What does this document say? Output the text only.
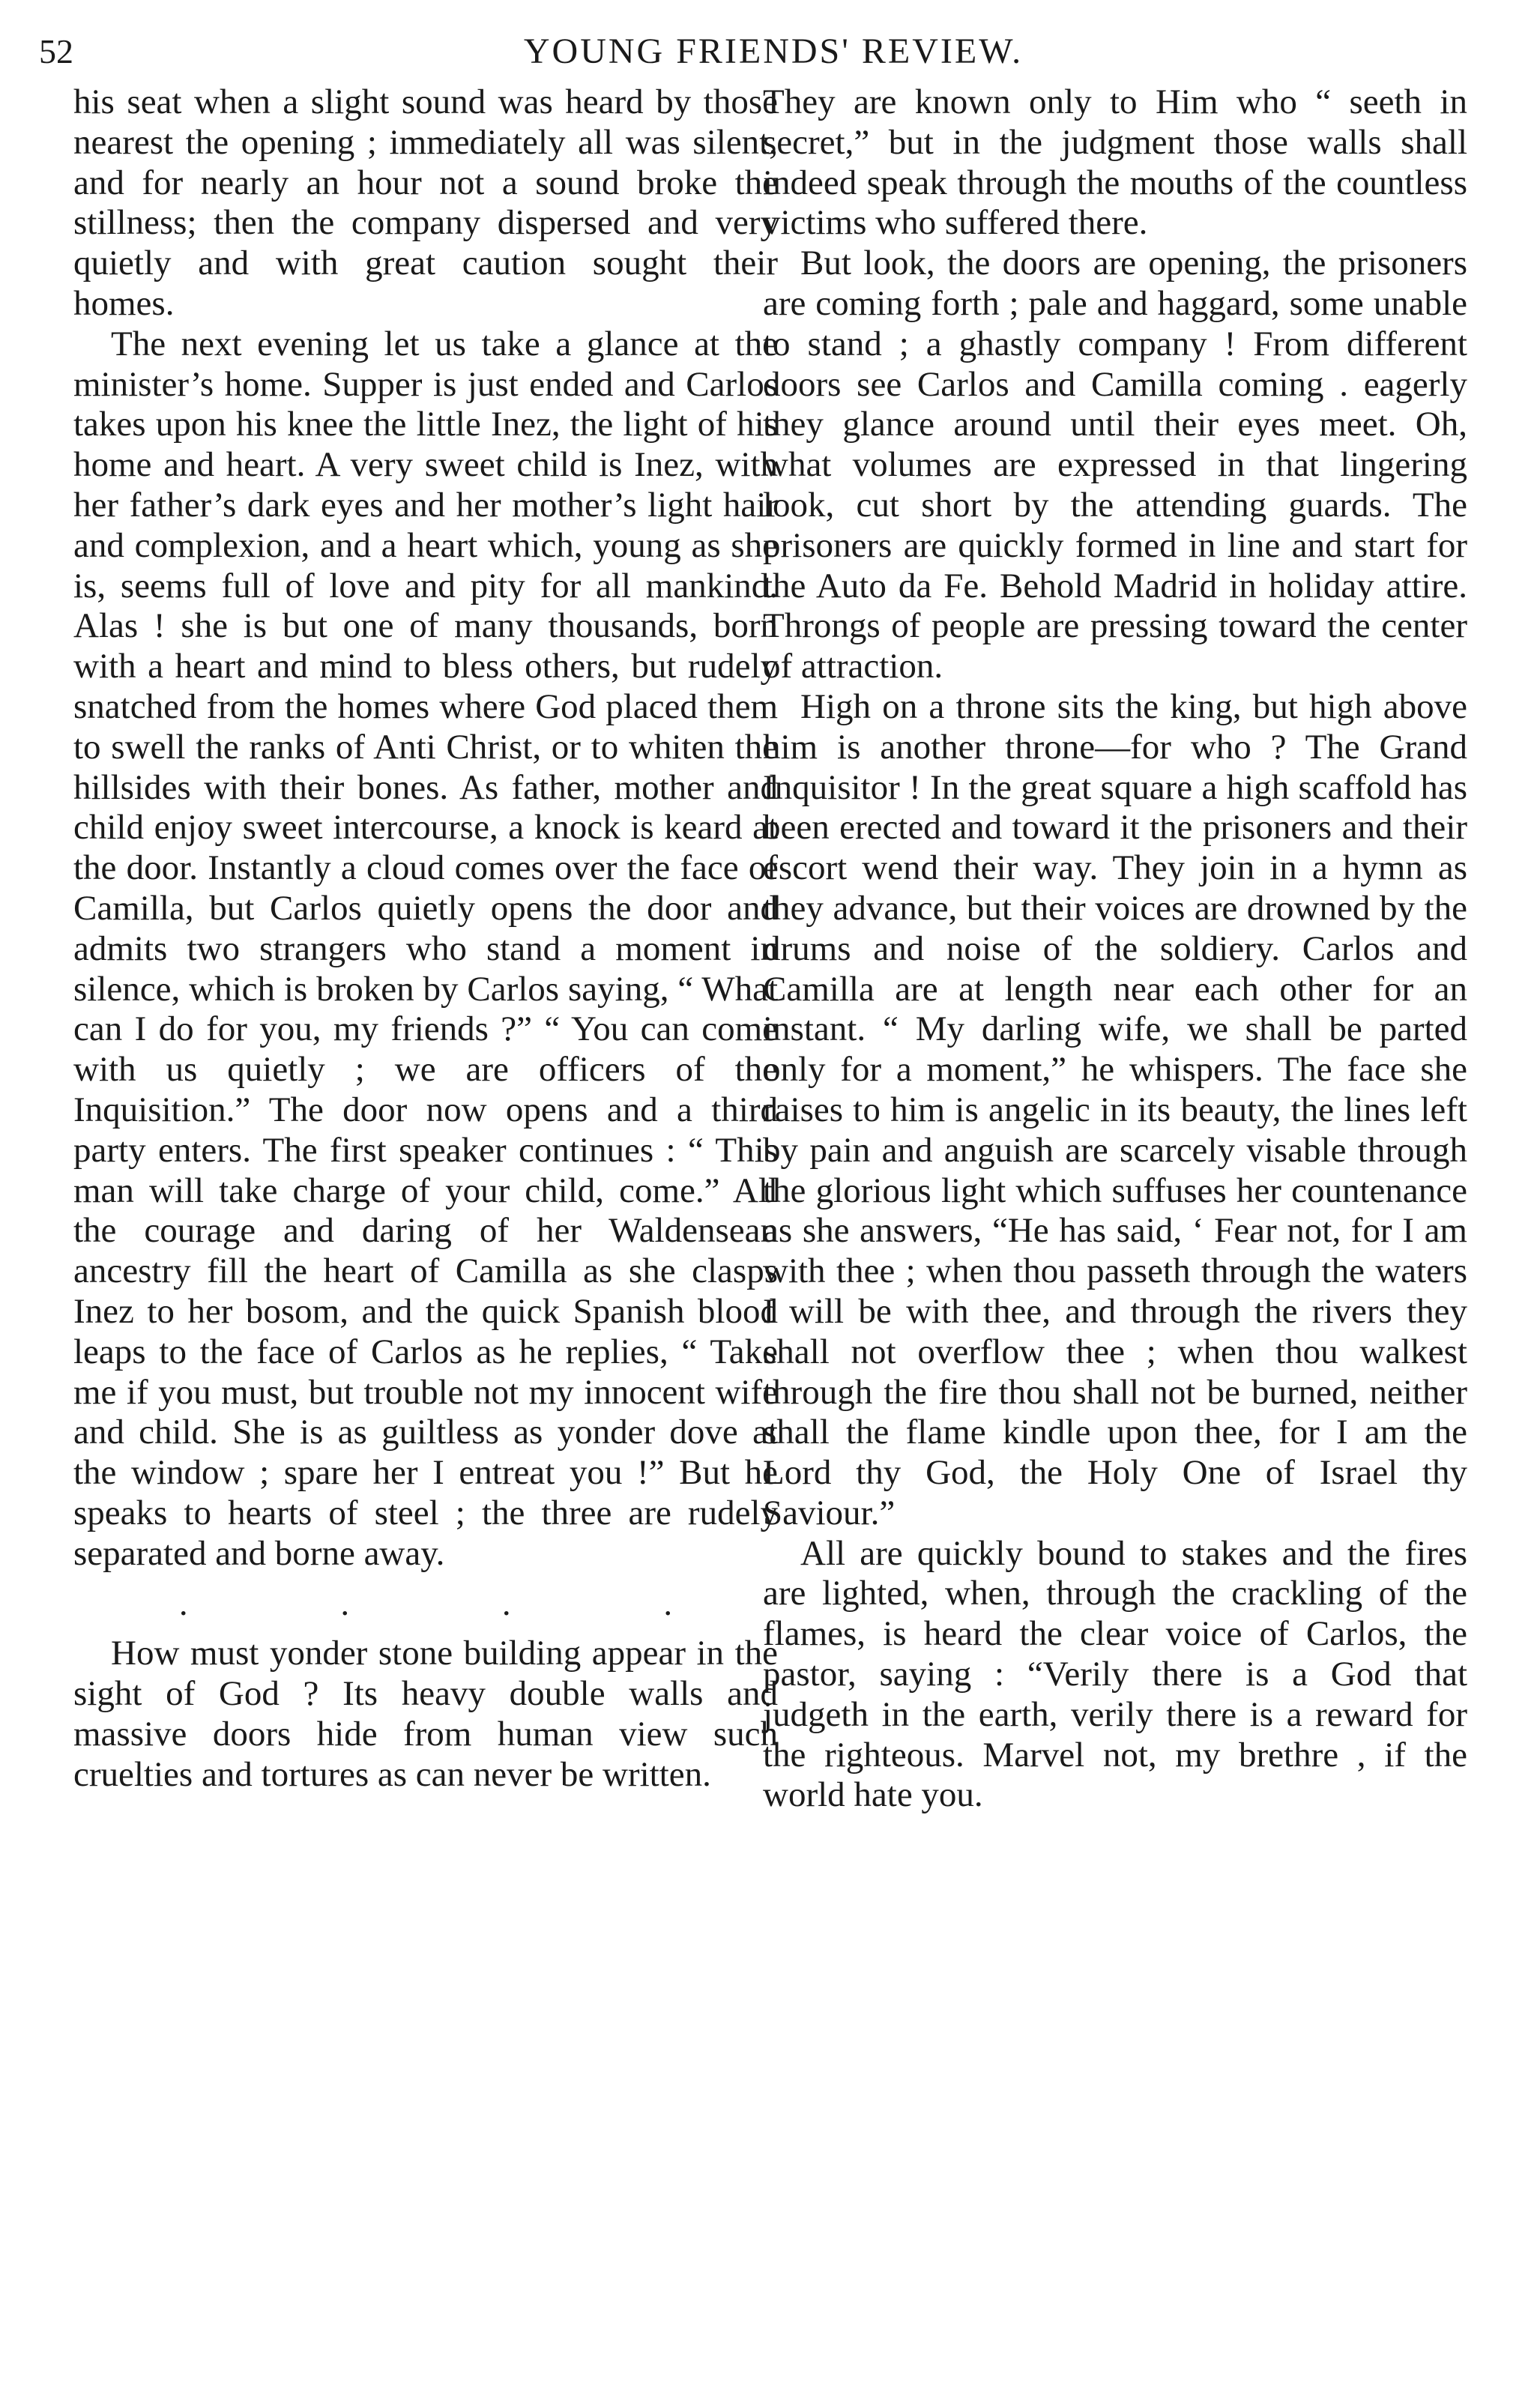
52	YOUNG FRIENDS' REVIEW.

his seat when a slight sound was heard by those nearest the opening ; immediately all was silent, and for nearly an hour not a sound broke the stillness; then the company dispersed and very quietly and with great caution sought their homes.

The next evening let us take a glance at the minister’s home. Supper is just ended and Carlos takes upon his knee the little Inez, the light of his home and heart. A very sweet child is Inez, with her father’s dark eyes and her mother’s light hair and complexion, and a heart which, young as she is, seems full of love and pity for all mankind. Alas ! she is but one of many thousands, born with a heart and mind to bless others, but rudely snatched from the homes where God placed them to swell the ranks of Anti Christ, or to whiten the hillsides with their bones. As father, mother and child enjoy sweet intercourse, a knock is keard at the door. Instantly a cloud comes over the face of Camilla, but Carlos quietly opens the door and admits two strangers who stand a moment in silence, which is broken by Carlos saying, “ What can I do for you, my friends ?” “ You can come with us quietly ; we are officers of the Inquisition.” The door now opens and a third party enters. The first speaker continues : “ This man will take charge of your child, come.” All the courage and daring of her Waldensean ancestry fill the heart of Camilla as she clasps Inez to her bosom, and the quick Spanish blood leaps to the face of Carlos as he replies, “ Take me if you must, but trouble not my innocent wife and child. She is as guiltless as yonder dove at the window ; spare her I entreat you !” But he speaks to hearts of steel ; the three are rudely separated and borne away.

. . . .

How must yonder stone building appear in the sight of God ? Its heavy double walls and massive doors hide from human view such cruelties and tortures as can never be written.

They are known only to Him who “ seeth in secret,” but in the judgment those walls shall indeed speak through the mouths of the countless victims who suffered there.

But look, the doors are opening, the prisoners are coming forth ; pale and haggard, some unable to stand ; a ghastly company ! From different doors see Carlos and Camilla coming . eagerly they glance around until their eyes meet. Oh, what volumes are expressed in that lingering look, cut short by the attending guards. The prisoners are quickly formed in line and start for the Auto da Fe. Behold Madrid in holiday attire. Throngs of people are pressing toward the center of attraction.

High on a throne sits the king, but high above him is another throne—for who ? The Grand Inquisitor ! In the great square a high scaffold has been erected and toward it the prisoners and their escort wend their way. They join in a hymn as they advance, but their voices are drowned by the drums and noise of the soldiery. Carlos and Camilla are at length near each other for an instant. “ My darling wife, we shall be parted only for a moment,” he whispers. The face she raises to him is angelic in its beauty, the lines left by pain and anguish are scarcely visable through the glorious light which suffuses her countenance as she answers, “He has said, ‘ Fear not, for I am with thee ; when thou passeth through the waters I will be with thee, and through the rivers they shall not overflow thee ; when thou walkest through the fire thou shall not be burned, neither shall the flame kindle upon thee, for I am the Lord thy God, the Holy One of Israel thy Saviour.”

All are quickly bound to stakes and the fires are lighted, when, through the crackling of the flames, is heard the clear voice of Carlos, the pastor, saying : “Verily there is a God that judgeth in the earth, verily there is a reward for the righteous. Marvel not, my brethre , if the world hate you.
